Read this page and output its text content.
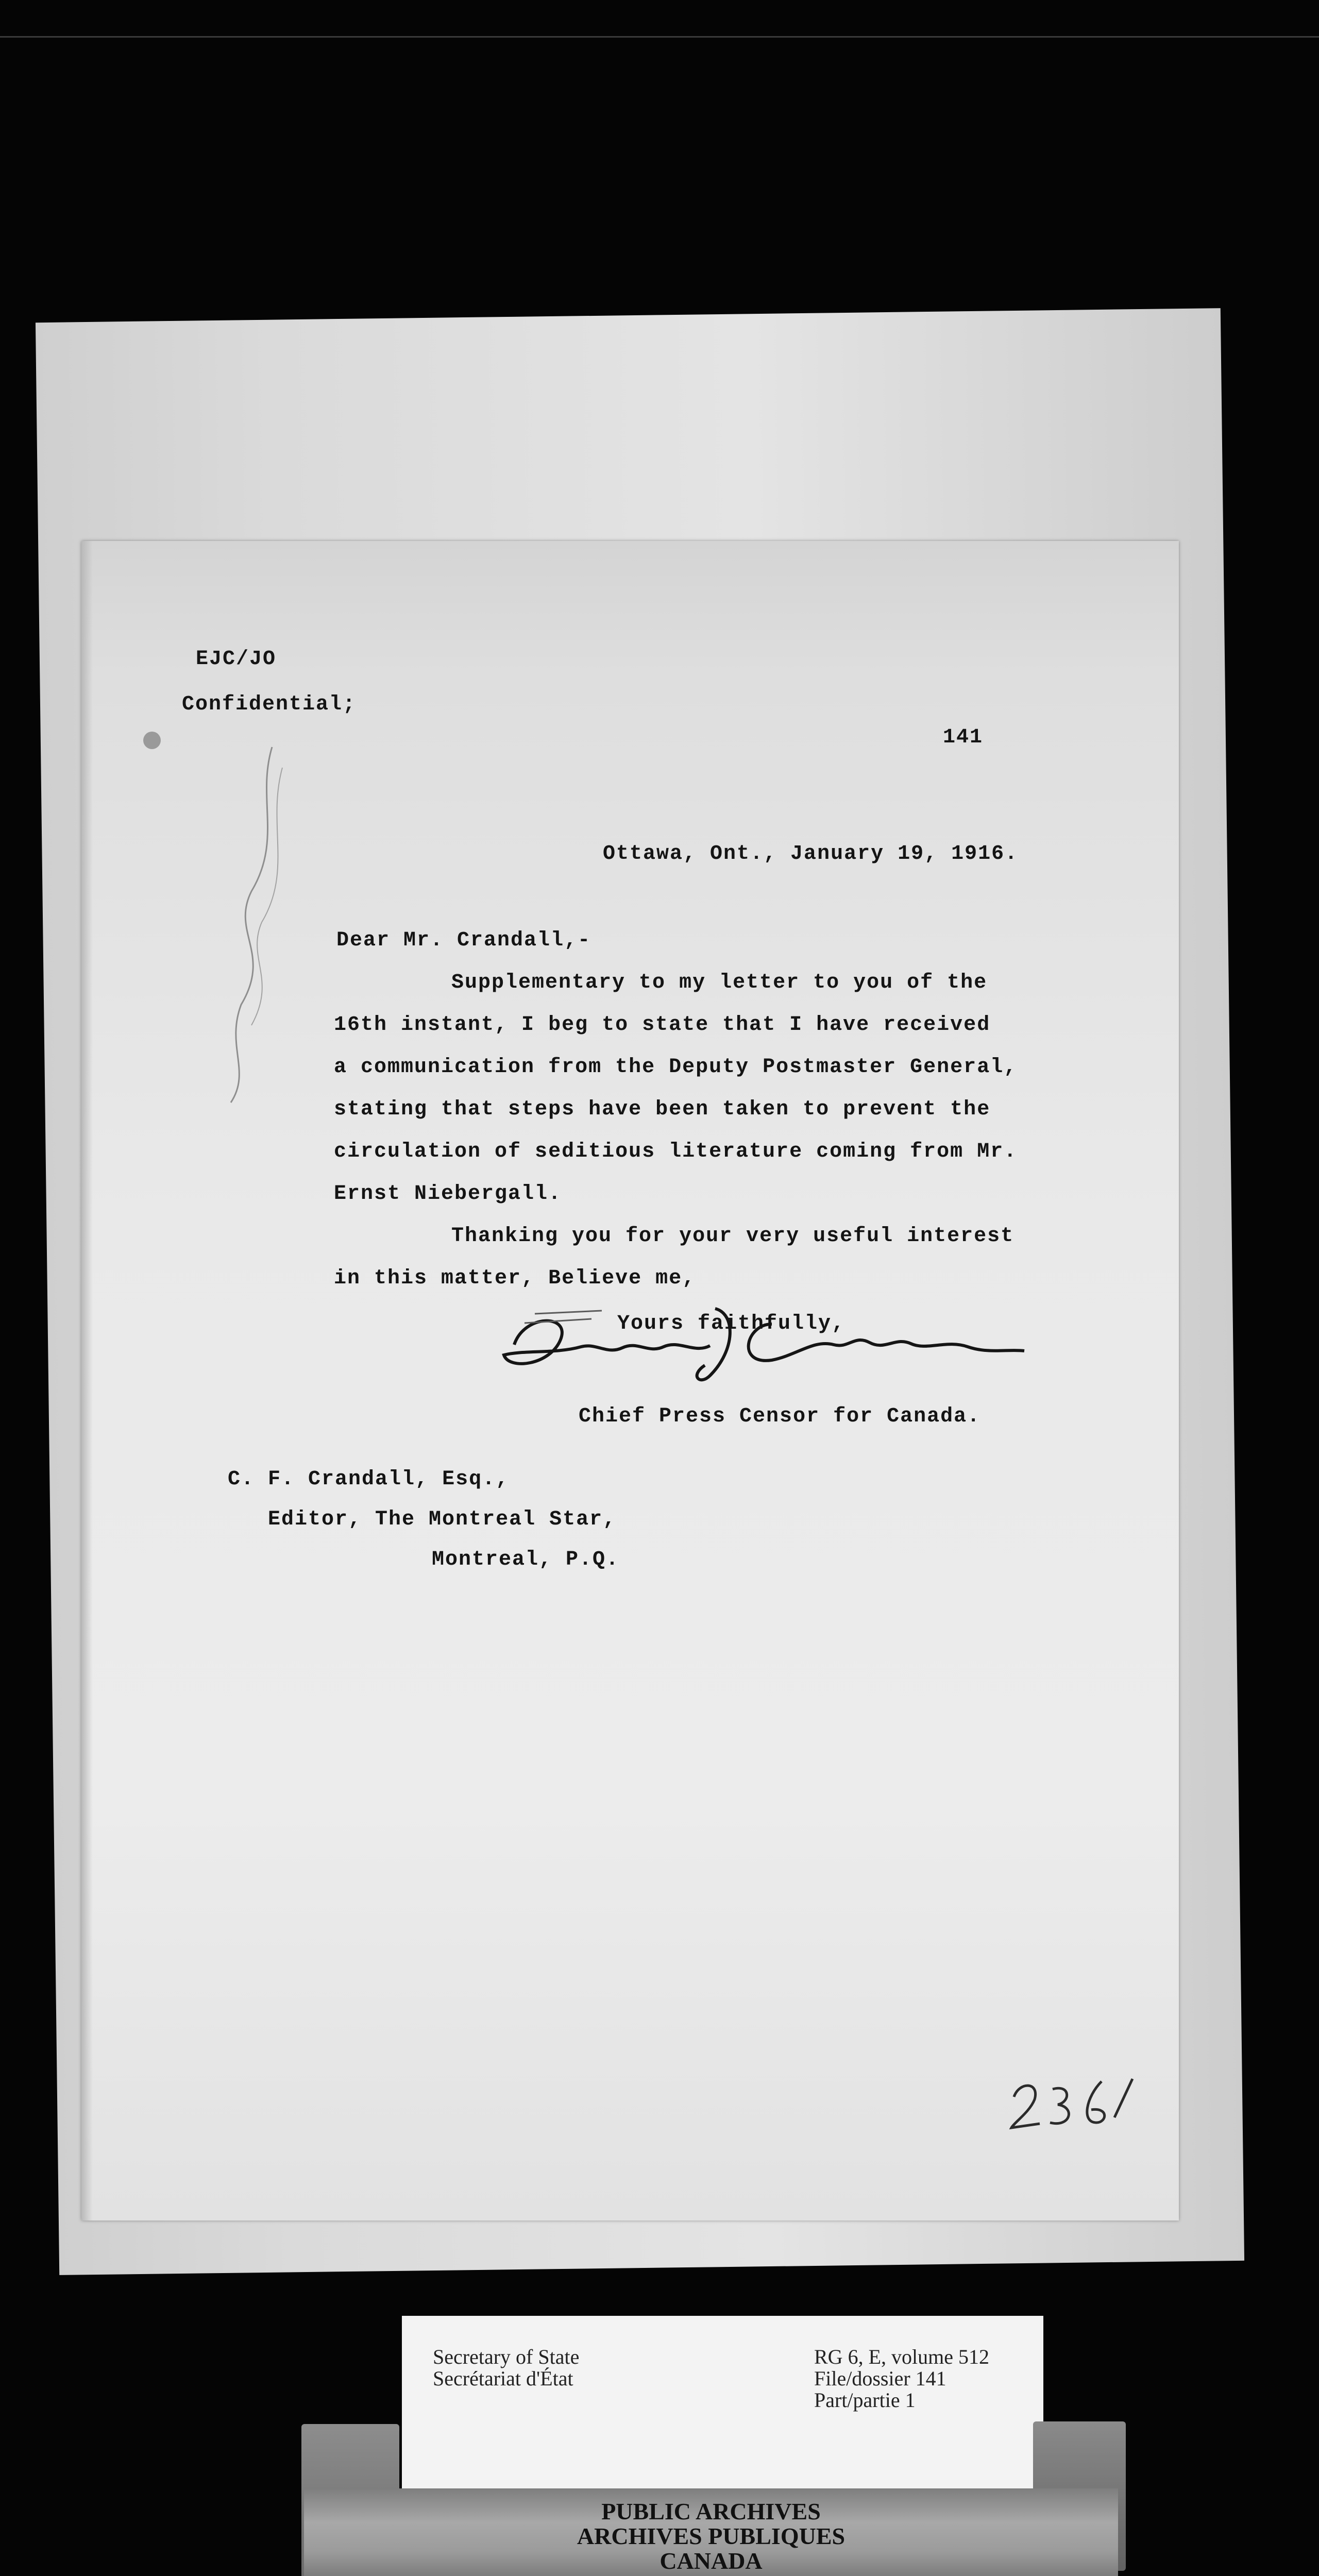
EJC/JO
Confidential;
141
Ottawa, Ont., January 19, 1916.
Dear Mr. Crandall,-
Supplementary to my letter to you of the
16th instant, I beg to state that I have received
a communication from the Deputy Postmaster General,
stating that steps have been taken to prevent the
circulation of seditious literature coming from Mr.
Ernst Niebergall.
Thanking you for your very useful interest
in this matter, Believe me,
Yours faithfully,
Chief Press Censor for Canada.
C. F. Crandall, Esq.,
Editor, The Montreal Star,
Montreal, P.Q.
Secretary of State
Secrétariat d'État
RG 6, E, volume 512
File/dossier 141
Part/partie 1
PUBLIC ARCHIVES
ARCHIVES PUBLIQUES
CANADA
